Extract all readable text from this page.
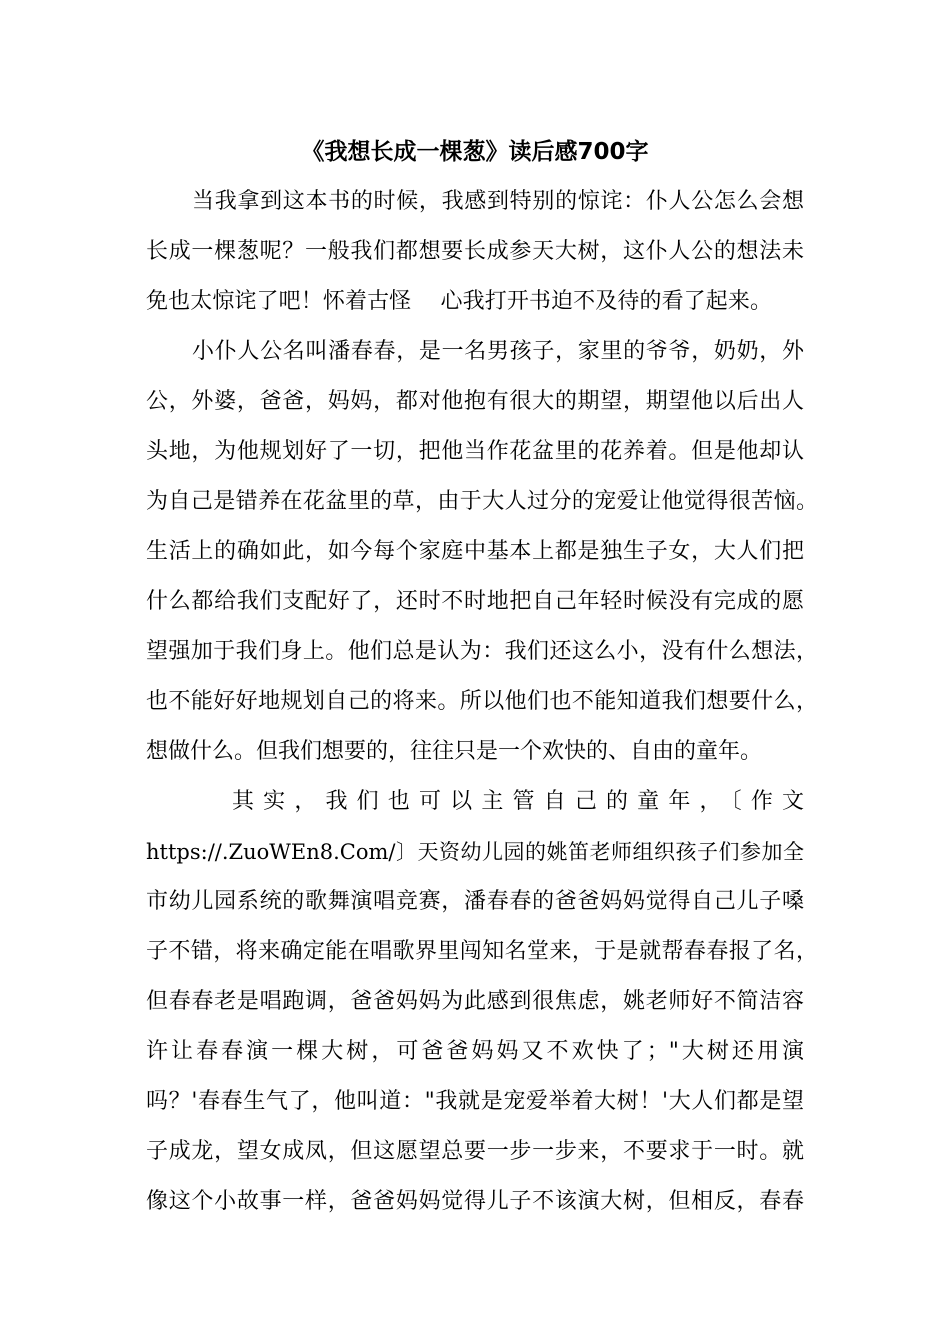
《我想长成一棵葱》读后感700字
当我拿到这本书的时候，我感到特别的惊诧：仆人公怎么会想
长成一棵葱呢？一般我们都想要长成参天大树，这仆人公的想法未
免也太惊诧了吧！怀着古怪　 心我打开书迫不及待的看了起来。
小仆人公名叫潘春春，是一名男孩子，家里的爷爷，奶奶，外
公，外婆，爸爸，妈妈，都对他抱有很大的期望，期望他以后出人
头地，为他规划好了一切，把他当作花盆里的花养着。但是他却认
为自己是错养在花盆里的草，由于大人过分的宠爱让他觉得很苦恼。
生活上的确如此，如今每个家庭中基本上都是独生子女，大人们把
什么都给我们支配好了，还时不时地把自己年轻时候没有完成的愿
望强加于我们身上。他们总是认为：我们还这么小，没有什么想法，
也不能好好地规划自己的将来。所以他们也不能知道我们想要什么，
想做什么。但我们想要的，往往只是一个欢快的、自由的童年。
其实，我们也可以主管自己的童年，〔作文
https://.ZuoWEn8.Com/〕天资幼儿园的姚笛老师组织孩子们参加全
市幼儿园系统的歌舞演唱竞赛，潘春春的爸爸妈妈觉得自己儿子嗓
子不错，将来确定能在唱歌界里闯知名堂来，于是就帮春春报了名，
但春春老是唱跑调，爸爸妈妈为此感到很焦虑，姚老师好不简洁容
许让春春演一棵大树，可爸爸妈妈又不欢快了；"大树还用演
吗？'春春生气了，他叫道："我就是宠爱举着大树！'大人们都是望
子成龙，望女成凤，但这愿望总要一步一步来，不要求于一时。就
像这个小故事一样，爸爸妈妈觉得儿子不该演大树，但相反，春春
